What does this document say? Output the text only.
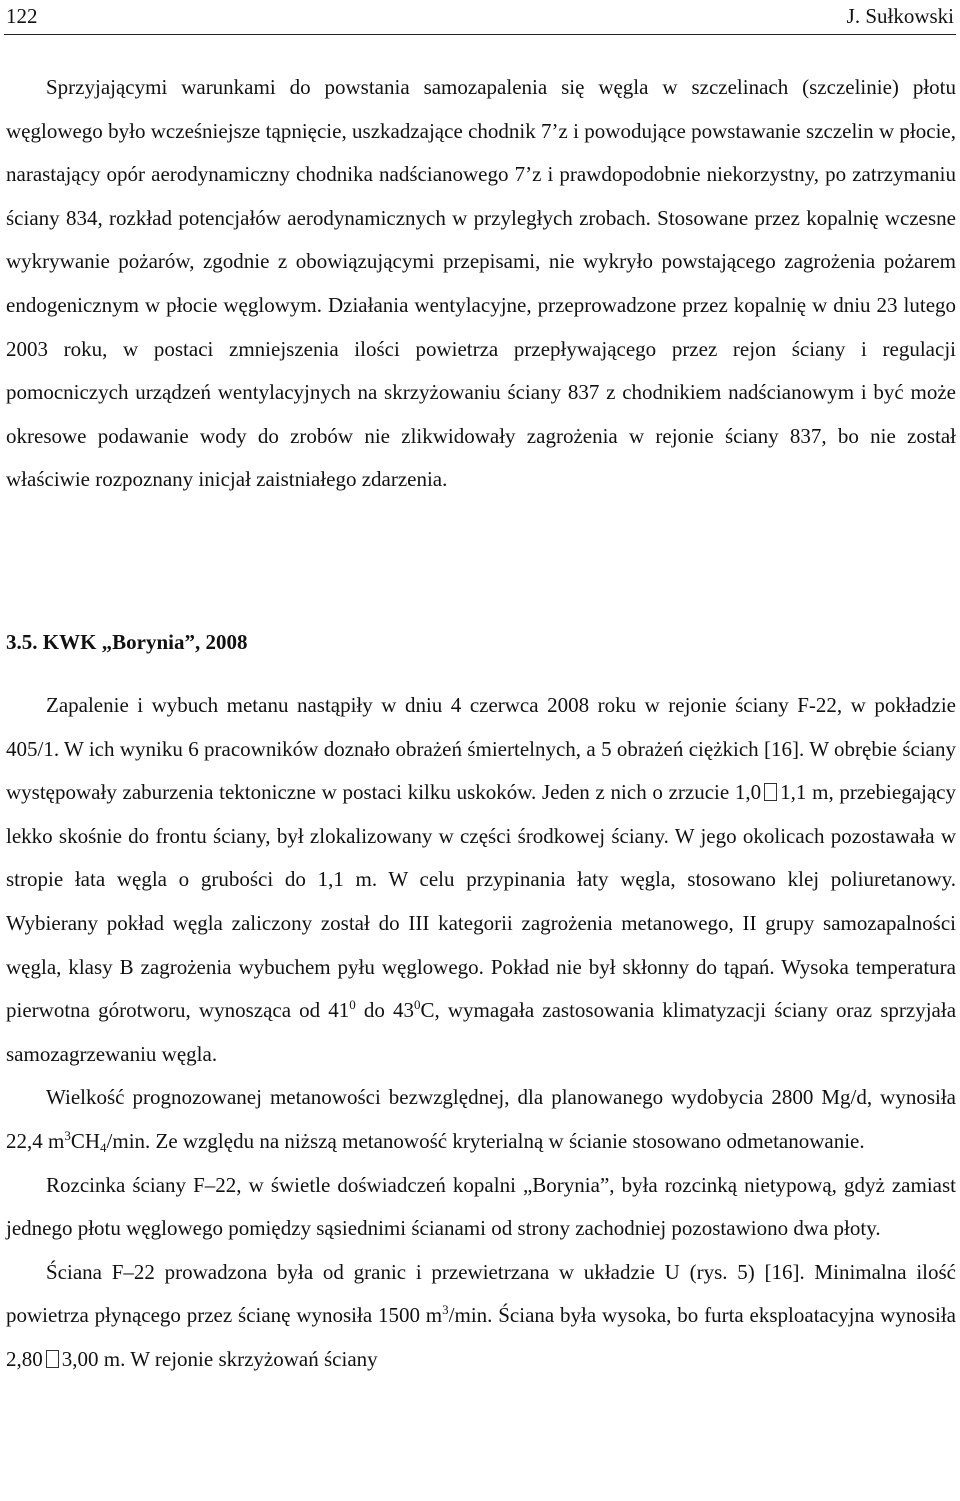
122	J. Sułkowski

Sprzyjającymi warunkami do powstania samozapalenia się węgla w szczelinach (szczelinie) płotu węglowego było wcześniejsze tąpnięcie, uszkadzające chodnik 7’z i powodujące powstawanie szczelin w płocie, narastający opór aerodynamiczny chodnika nadścianowego 7’z i prawdopodobnie niekorzystny, po zatrzymaniu ściany 834, rozkład potencjałów aerodynamicznych w przyległych zrobach. Stosowane przez kopalnię wczesne wykrywanie pożarów, zgodnie z obowiązującymi przepisami, nie wykryło powstającego zagrożenia pożarem endogenicznym w płocie węglowym. Działania wentylacyjne, przeprowadzone przez kopalnię w dniu 23 lutego 2003 roku, w postaci zmniejszenia ilości powietrza przepływającego przez rejon ściany i regulacji pomocniczych urządzeń wentylacyjnych na skrzyżowaniu ściany 837 z chodnikiem nadścianowym i być może okresowe podawanie wody do zrobów nie zlikwidowały zagrożenia w rejonie ściany 837, bo nie został właściwie rozpoznany inicjał zaistniałego zdarzenia.

3.5. KWK „Borynia”, 2008

Zapalenie i wybuch metanu nastąpiły w dniu 4 czerwca 2008 roku w rejonie ściany F-22, w pokładzie 405/1. W ich wyniku 6 pracowników doznało obrażeń śmiertelnych, a 5 obrażeń ciężkich [16]. W obrębie ściany występowały zaburzenia tektoniczne w postaci kilku uskoków. Jeden z nich o zrzucie 1,0 1,1 m, przebiegający lekko skośnie do frontu ściany, był zlokalizowany w części środkowej ściany. W jego okolicach pozostawała w stropie łata węgla o grubości do 1,1 m. W celu przypinania łaty węgla, stosowano klej poliuretanowy. Wybierany pokład węgla zaliczony został do III kategorii zagrożenia metanowego, II grupy samozapalności węgla, klasy B zagrożenia wybuchem pyłu węglowego. Pokład nie był skłonny do tąpań. Wysoka temperatura pierwotna górotworu, wynosząca od $41^0$ do $43^0C$, wymagała zastosowania klimatyzacji ściany oraz sprzyjała samozagrzewaniu węgla.

Wielkość prognozowanej metanowości bezwzględnej, dla planowanego wydobycia 2800 Mg/d, wynosiła 22,4 $m^3CH_4/\min$. Ze względu na niższą metanowość kryterialną w ścianie stosowano odmetanowanie.

Rozcinka ściany F–22, w świetle doświadczeń kopalni „Borynia”, była rozcinką nietypową, gdyż zamiast jednego płotu węglowego pomiędzy sąsiednimi ścianami od strony zachodniej pozostawiono dwa płoty.

Ściana F–22 prowadzona była od granic i przewietrzana w układzie U (rys. 5) [16]. Minimalna ilość powietrza płynącego przez ścianę wynosiła 1500 $m^3/\min$. Ściana była wysoka, bo furta eksploatacyjna wynosiła 2,80 3,00 m. W rejonie skrzyżowań ściany
